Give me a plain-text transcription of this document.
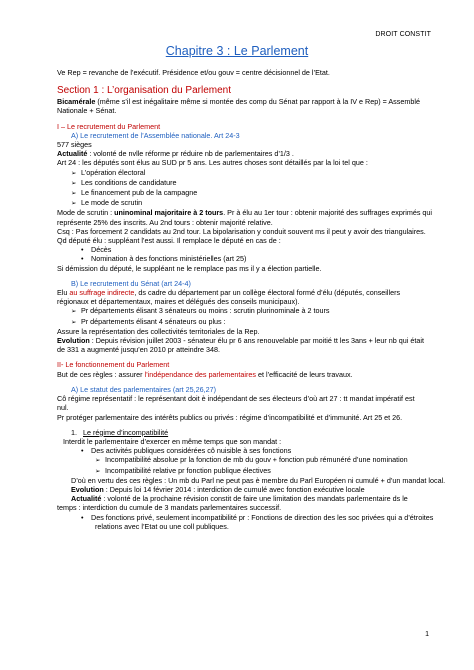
DROIT CONSTIT
Chapitre 3 : Le Parlement

Ve Rep = revanche de l’exécutif. Présidence et/ou gouv = centre décisionnel de l’Etat.

Section 1 : L’organisation du Parlement

Bicamérale (même s’il est inégalitaire même si montée des comp du Sénat par rapport à la IV e Rep) = Assemblé

Nationale + Sénat.

I – Le recrutement du Parlement

A) Le recrutement de l’Assemblée nationale. Art 24-3

577 sièges

Actualité : volonté de nvlle réforme pr réduire nb de parlementaires d’1/3 .

Art 24 : les députés sont élus au SUD pr 5 ans. Les autres choses sont détaillés par la loi tel que :

➢ L’opération électoral

➢ Les conditions de candidature

➢ Le financement pub de la campagne

➢ Le mode de scrutin

Mode de scrutin : uninominal majoritaire à 2 tours. Pr à élu au 1er tour : obtenir majorité des suffrages exprimés qui

représente 25% des inscrits. Au 2nd tours : obtenir majorité relative.

Csq : Pas forcement 2 candidats au 2nd tour. La bipolarisation y conduit souvent ms il peut y avoir des triangulaires.

Qd député élu : suppléant l’est aussi. Il remplace le député en cas de :

• Décès

• Nomination à des fonctions ministérielles (art 25)

Si démission du député, le suppléant ne le remplace pas ms il y a élection partielle.

B) Le recrutement du Sénat (art 24-4)

Elu au suffrage indirecte, ds cadre du département par un collège électoral formé d’élu (députés, conseillers

régionaux et départementaux, maires et délégués des conseils municipaux).

➢ Pr départements élisant 3 sénateurs ou moins : scrutin plurinominale à 2 tours

➢ Pr départements élisant 4 sénateurs ou plus :

Assure la représentation des collectivités territoriales de la Rep.

Evolution : Depuis révision juillet 2003 - sénateur élu pr 6 ans renouvelable par moitié tt les 3ans + leur nb qui était

de 331 a augmenté jusqu’en 2010 pr atteindre 348.

II- Le fonctionnement du Parlement

But de ces règles : assurer l’indépendance des parlementaires et l’efficacité de leurs travaux.

A) Le statut des parlementaires (art 25,26,27)

Cô régime représentatif : le représentant doit è indépendant de ses électeurs d’où art 27 : tt mandat impératif est

nul.

Pr protéger parlementaire des intérêts publics ou privés : régime d’incompatibilité et d’immunité. Art 25 et 26.

1. Le régime d’incompatibilité

Interdit le parlementaire d’exercer en même temps que son mandat :

• Des activités publiques considérées cô nuisible à ses fonctions

➢ Incompatibilité absolue pr la fonction de mb du gouv + fonction pub rémunéré d’une nomination

➢ Incompatibilité relative pr fonction publique électives

D’où en vertu des ces règles : Un mb du Parl ne peut pas è membre du Parl Européen ni cumulé + d’un mandat local.

Evolution : Depuis loi 14 février 2014 : interdiction de cumulé avec fonction exécutive locale

Actualité : volonté de la prochaine révision constit de faire une limitation des mandats parlementaire ds le

temps : interdiction du cumule de 3 mandats parlementaires successif.

• Des fonctions privé, seulement incompatibilité pr : Fonctions de direction des les soc privées qui a d’étroites

relations avec l’Etat ou une coll publiques.

1
